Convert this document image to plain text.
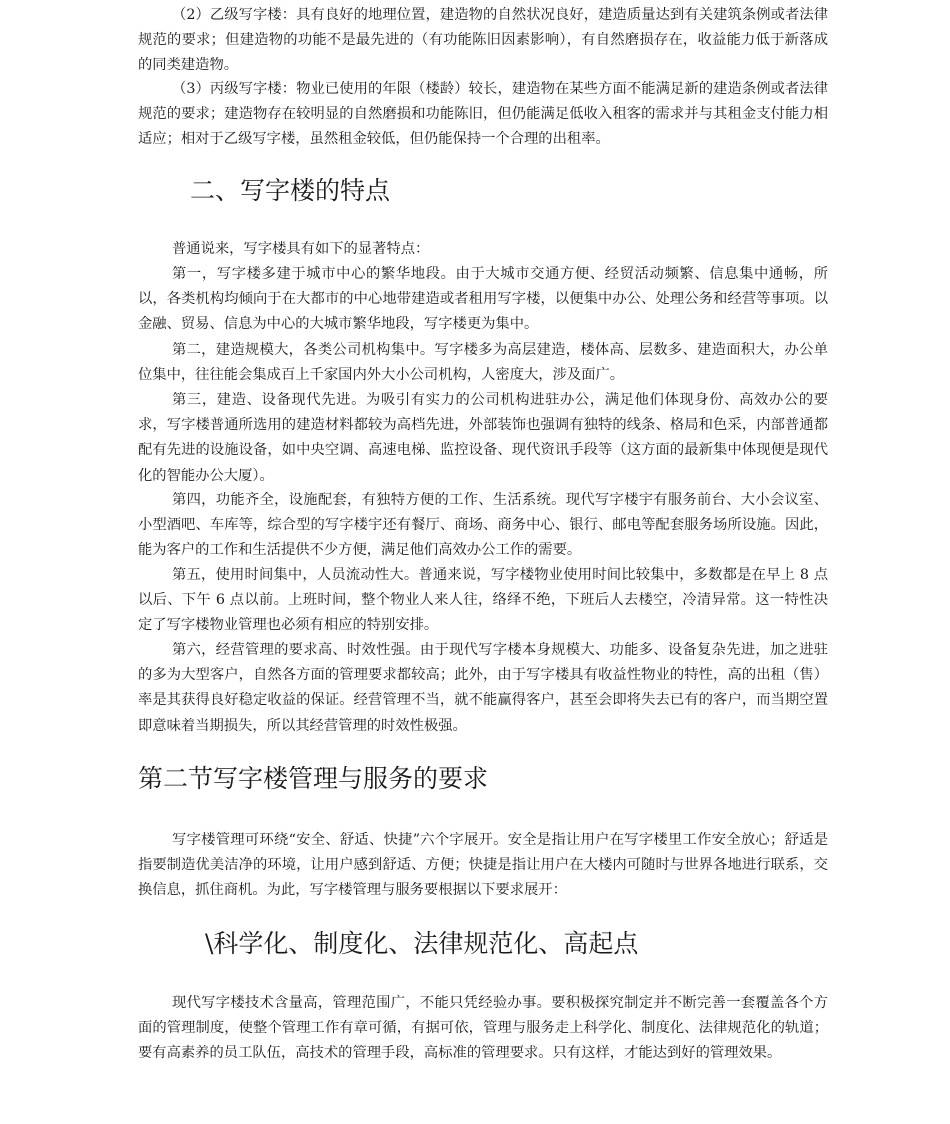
（2）乙级写字楼：具有良好的地理位置，建造物的自然状况良好，建造质量达到有关建筑条例或者法律规范的要求；但建造物的功能不是最先进的（有功能陈旧因素影响），有自然磨损存在，收益能力低于新落成的同类建造物。

（3）丙级写字楼：物业已使用的年限（楼龄）较长，建造物在某些方面不能满足新的建造条例或者法律规范的要求；建造物存在较明显的自然磨损和功能陈旧，但仍能满足低收入租客的需求并与其租金支付能力相适应；相对于乙级写字楼，虽然租金较低，但仍能保持一个合理的出租率。

二、写字楼的特点

普通说来，写字楼具有如下的显著特点：

第一，写字楼多建于城市中心的繁华地段。由于大城市交通方便、经贸活动频繁、信息集中通畅，所以，各类机构均倾向于在大都市的中心地带建造或者租用写字楼，以便集中办公、处理公务和经营等事项。以金融、贸易、信息为中心的大城市繁华地段，写字楼更为集中。

第二，建造规模大，各类公司机构集中。写字楼多为高层建造，楼体高、层数多、建造面积大，办公单位集中，往往能会集成百上千家国内外大小公司机构，人密度大，涉及面广。

第三，建造、设备现代先进。为吸引有实力的公司机构进驻办公，满足他们体现身份、高效办公的要求，写字楼普通所选用的建造材料都较为高档先进，外部装饰也强调有独特的线条、格局和色采，内部普通都配有先进的设施设备，如中央空调、高速电梯、监控设备、现代资讯手段等（这方面的最新集中体现便是现代化的智能办公大厦）。

第四，功能齐全，设施配套，有独特方便的工作、生活系统。现代写字楼宇有服务前台、大小会议室、小型酒吧、车库等，综合型的写字楼宇还有餐厅、商场、商务中心、银行、邮电等配套服务场所设施。因此，能为客户的工作和生活提供不少方便，满足他们高效办公工作的需要。

第五，使用时间集中，人员流动性大。普通来说，写字楼物业使用时间比较集中，多数都是在早上 8 点以后、下午 6 点以前。上班时间，整个物业人来人往，络绎不绝，下班后人去楼空，冷清异常。这一特性决定了写字楼物业管理也必须有相应的特别安排。

第六，经营管理的要求高、时效性强。由于现代写字楼本身规模大、功能多、设备复杂先进，加之进驻的多为大型客户，自然各方面的管理要求都较高；此外，由于写字楼具有收益性物业的特性，高的出租（售）率是其获得良好稳定收益的保证。经营管理不当，就不能赢得客户，甚至会即将失去已有的客户，而当期空置即意味着当期损失，所以其经营管理的时效性极强。

第二节写字楼管理与服务的要求

写字楼管理可环绕“安全、舒适、快捷”六个字展开。安全是指让用户在写字楼里工作安全放心；舒适是指要制造优美洁净的环境，让用户感到舒适、方便；快捷是指让用户在大楼内可随时与世界各地进行联系，交换信息，抓住商机。为此，写字楼管理与服务要根据以下要求展开：

\科学化、制度化、法律规范化、高起点

现代写字楼技术含量高，管理范围广，不能只凭经验办事。要积极探究制定并不断完善一套覆盖各个方面的管理制度，使整个管理工作有章可循，有据可依，管理与服务走上科学化、制度化、法律规范化的轨道；要有高素养的员工队伍，高技术的管理手段，高标准的管理要求。只有这样，才能达到好的管理效果。
